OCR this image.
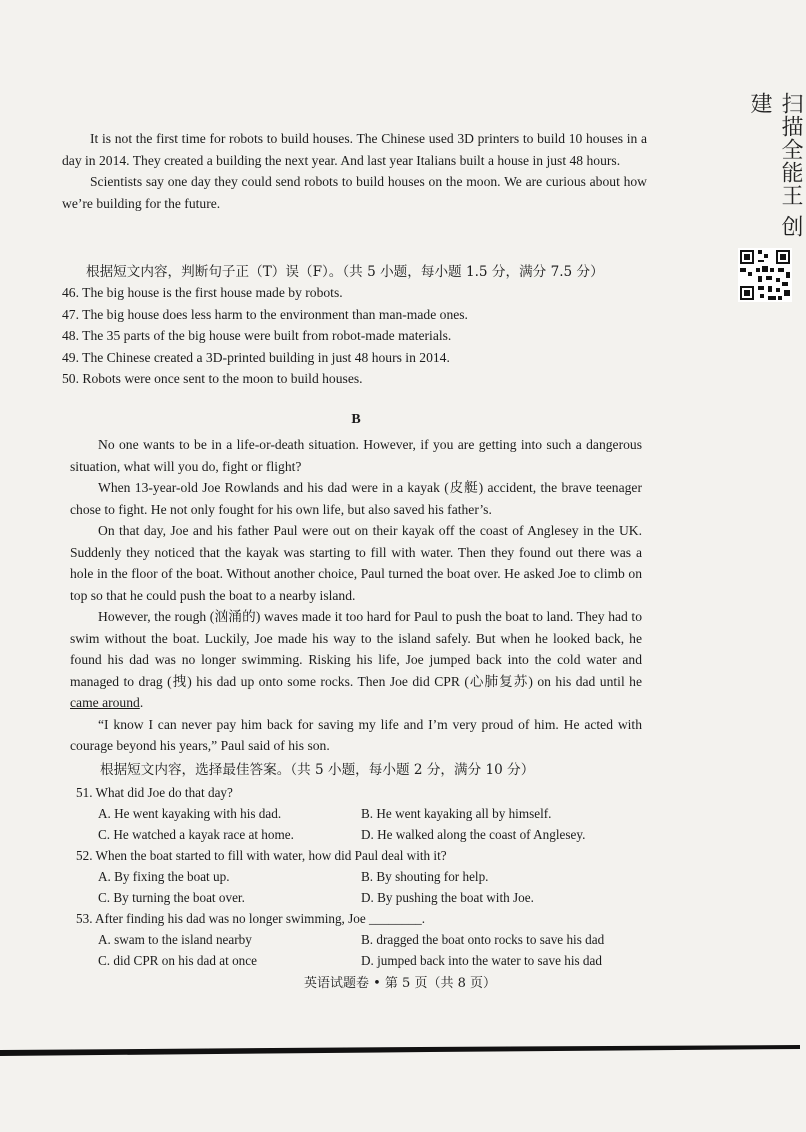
It is not the first time for robots to build houses. The Chinese used 3D printers to build 10 houses in a day in 2014. They created a building the next year. And last year Italians built a house in just 48 hours.

Scientists say one day they could send robots to build houses on the moon. We are curious about how we’re building for the future.

根据短文内容，判断句子正（T）误（F）。（共 5 小题，每小题 1.5 分，满分 7.5 分）

46. The big house is the first house made by robots.

47. The big house does less harm to the environment than man-made ones.

48. The 35 parts of the big house were built from robot-made materials.

49. The Chinese created a 3D-printed building in just 48 hours in 2014.

50. Robots were once sent to the moon to build houses.

B

No one wants to be in a life-or-death situation. However, if you are getting into such a dangerous situation, what will you do, fight or flight?

When 13-year-old Joe Rowlands and his dad were in a kayak (皮艇) accident, the brave teenager chose to fight. He not only fought for his own life, but also saved his father’s.

On that day, Joe and his father Paul were out on their kayak off the coast of Anglesey in the UK. Suddenly they noticed that the kayak was starting to fill with water. Then they found out there was a hole in the floor of the boat. Without another choice, Paul turned the boat over. He asked Joe to climb on top so that he could push the boat to a nearby island.

However, the rough (汹涌的) waves made it too hard for Paul to push the boat to land. They had to swim without the boat. Luckily, Joe made his way to the island safely. But when he looked back, he found his dad was no longer swimming. Risking his life, Joe jumped back into the cold water and managed to drag (拽) his dad up onto some rocks. Then Joe did CPR (心肺复苏) on his dad until he came around.

“I know I can never pay him back for saving my life and I’m very proud of him. He acted with courage beyond his years,” Paul said of his son.

根据短文内容，选择最佳答案。（共 5 小题，每小题 2 分，满分 10 分）

51. What did Joe do that day?

A. He went kayaking with his dad.	B. He went kayaking all by himself.
C. He watched a kayak race at home.	D. He walked along the coast of Anglesey.

52. When the boat started to fill with water, how did Paul deal with it?

A. By fixing the boat up.	B. By shouting for help.
C. By turning the boat over.	D. By pushing the boat with Joe.

53. After finding his dad was no longer swimming, Joe ________.

A. swam to the island nearby	B. dragged the boat onto rocks to save his dad
C. did CPR on his dad at once	D. jumped back into the water to save his dad
英语试题卷 • 第 5 页（共 8 页）
扫描全能王 创建
